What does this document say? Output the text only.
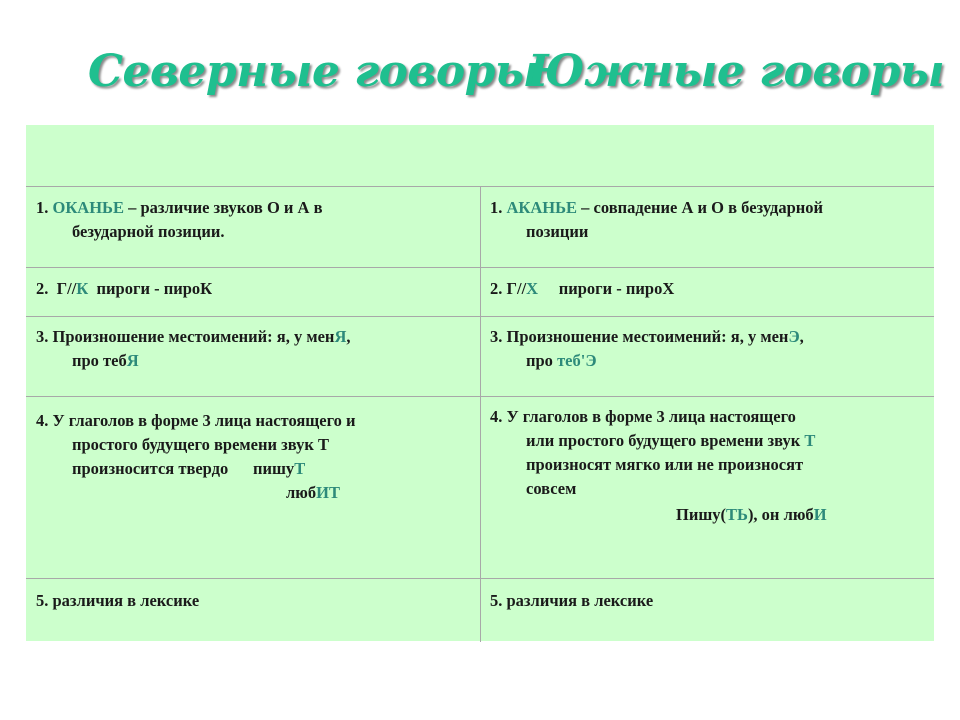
Северные говоры
Южные говоры
1. ОКАНЬЕ – различие звуков О и А в
безударной позиции.
1. АКАНЬЕ – совпадение А и О в безударной
позиции
2.  Г//К  пироги - пироК	2. Г//Х     пироги - пироХ
3. Произношение местоимений: я, у менЯ,
про тебЯ
3. Произношение местоимений: я, у менЭ,
про теб'Э
4. У глаголов в форме 3 лица настоящего и
простого будущего времени звук Т
произносится твердо      пишуТ
любИТ
4. У глаголов в форме 3 лица настоящего
или простого будущего времени звук Т
произносят мягко или не произносят
совсем
Пишу(ТЬ), он любИ
5. различия в лексике	5. различия в лексике
